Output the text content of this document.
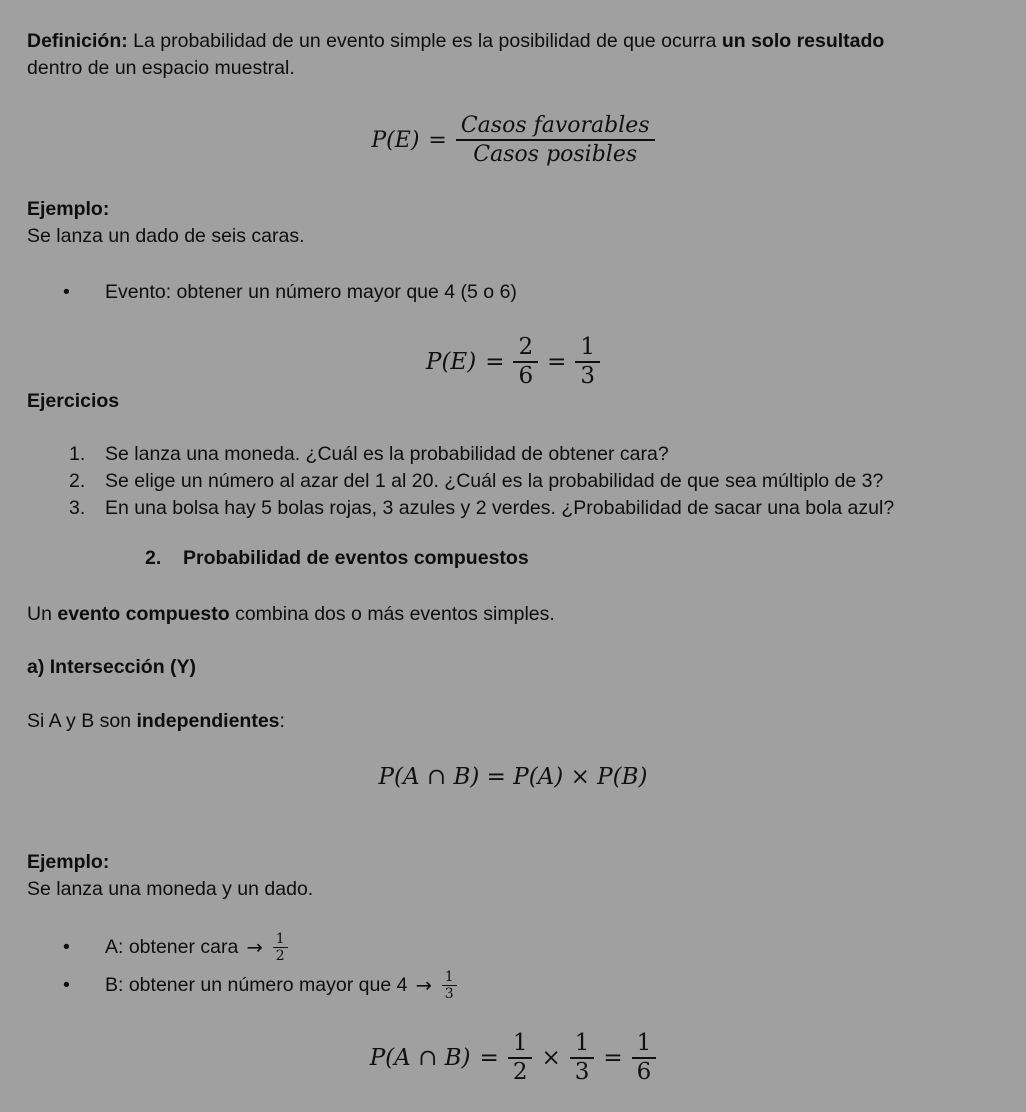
Definición: La probabilidad de un evento simple es la posibilidad de que ocurra un solo resultado
dentro de un espacio muestral.
$P(E) = \frac{\text{Casos favorables}}{\text{Casos posibles}}$
Ejemplo:
Se lanza un dado de seis caras.
•	Evento: obtener un número mayor que 4 (5 o 6)
$P(E) = \frac{2}{6} = \frac{1}{3}$
Ejercicios
1.	Se lanza una moneda. ¿Cuál es la probabilidad de obtener cara?
2.	Se elige un número al azar del 1 al 20. ¿Cuál es la probabilidad de que sea múltiplo de 3?
3.	En una bolsa hay 5 bolas rojas, 3 azules y 2 verdes. ¿Probabilidad de sacar una bola azul?
2. Probabilidad de eventos compuestos
Un evento compuesto combina dos o más eventos simples.
a) Intersección (Y)
Si A y B son independientes:
P(A ∩ B) = P(A) × P(B)
Ejemplo:
Se lanza una moneda y un dado.
•	A: obtener cara → $\frac{1}{2}$
•	B: obtener un número mayor que $4 \to \frac{1}{3}$
P(A ∩ $B) = \frac{1}{2} \times \frac{1}{3} = \frac{1}{6}$
